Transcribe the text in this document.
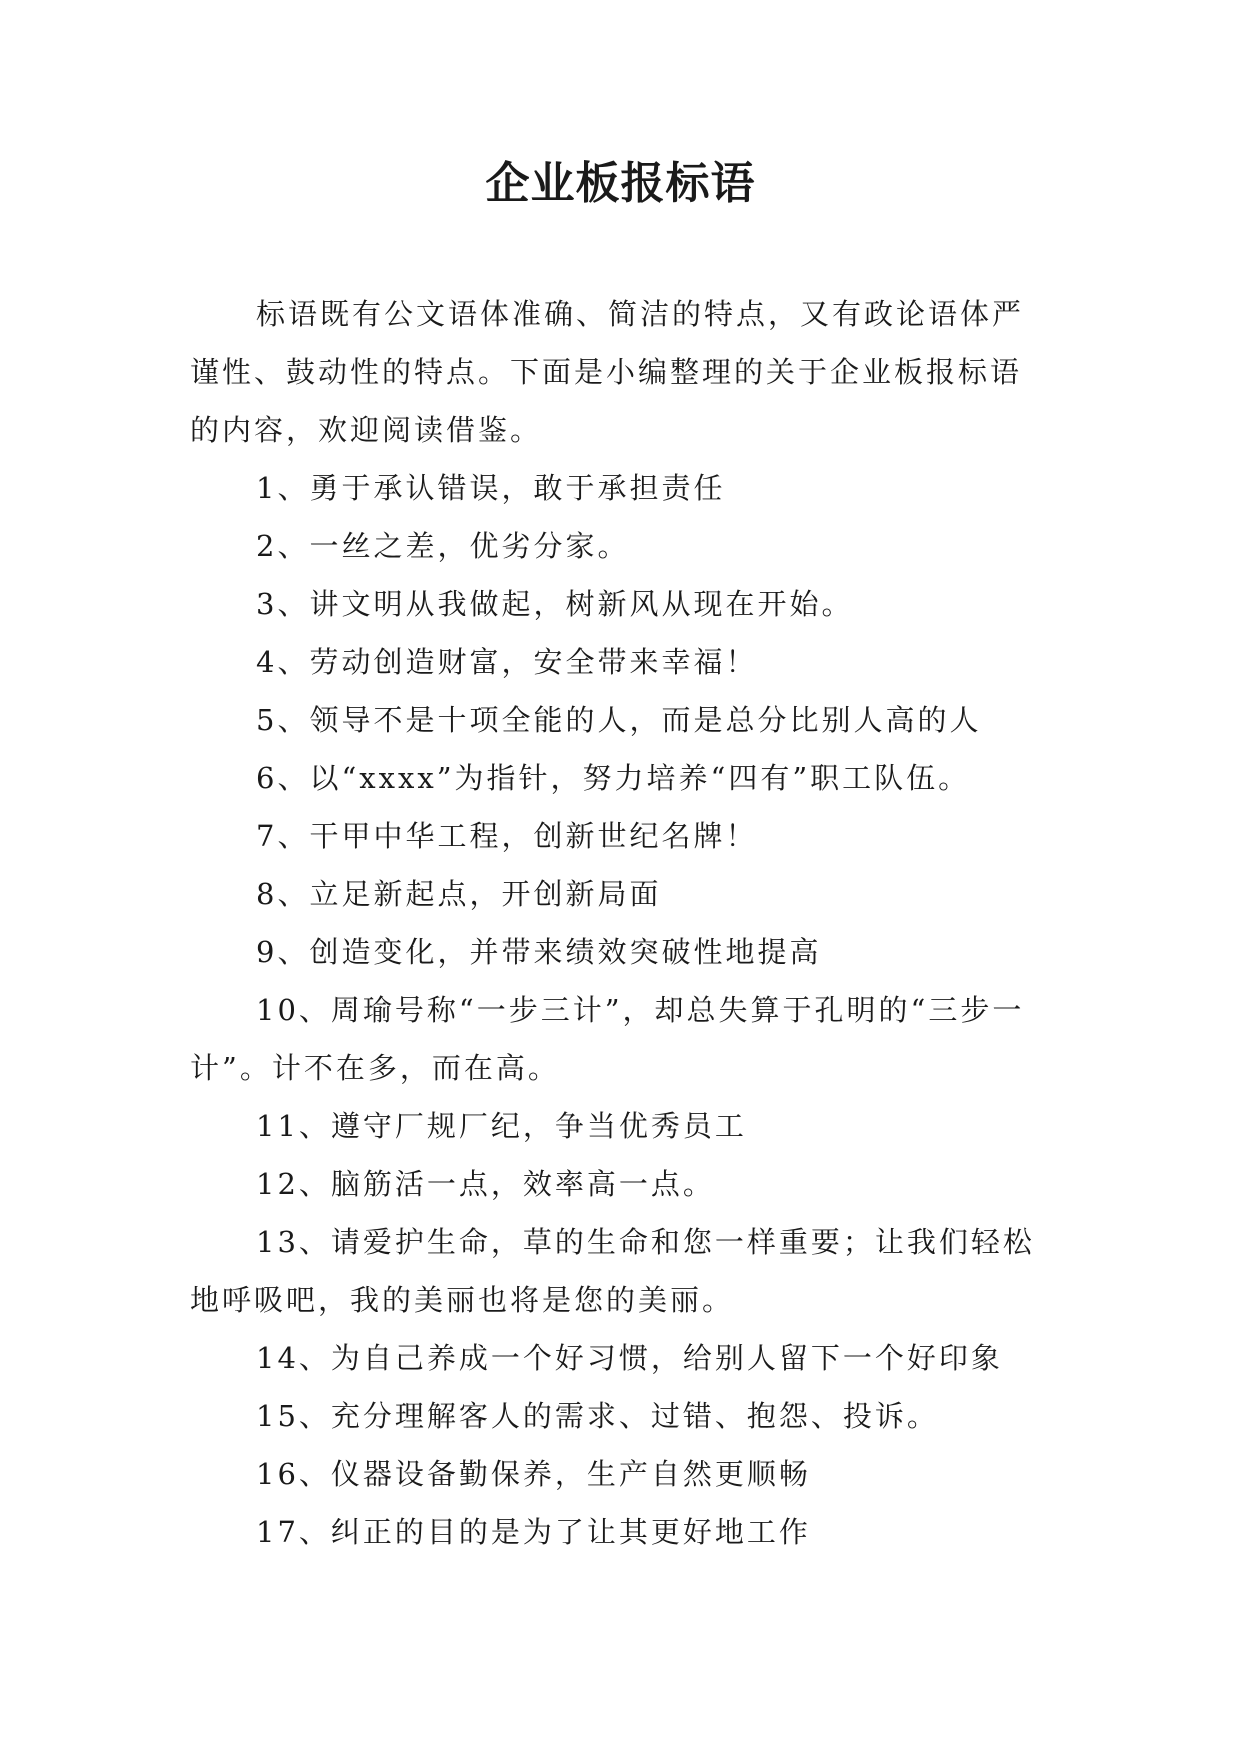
企业板报标语

标语既有公文语体准确、简洁的特点，又有政论语体严谨性、鼓动性的特点。下面是小编整理的关于企业板报标语的内容，欢迎阅读借鉴。

1、勇于承认错误，敢于承担责任

2、一丝之差，优劣分家。

3、讲文明从我做起，树新风从现在开始。

4、劳动创造财富，安全带来幸福！

5、领导不是十项全能的人，而是总分比别人高的人

6、以“xxxx”为指针，努力培养“四有”职工队伍。

7、干甲中华工程，创新世纪名牌！

8、立足新起点，开创新局面

9、创造变化，并带来绩效突破性地提高

10、周瑜号称“一步三计”，却总失算于孔明的“三步一计”。计不在多，而在高。

11、遵守厂规厂纪，争当优秀员工

12、脑筋活一点，效率高一点。

13、请爱护生命，草的生命和您一样重要；让我们轻松地呼吸吧，我的美丽也将是您的美丽。

14、为自己养成一个好习惯，给别人留下一个好印象

15、充分理解客人的需求、过错、抱怨、投诉。

16、仪器设备勤保养，生产自然更顺畅

17、纠正的目的是为了让其更好地工作
